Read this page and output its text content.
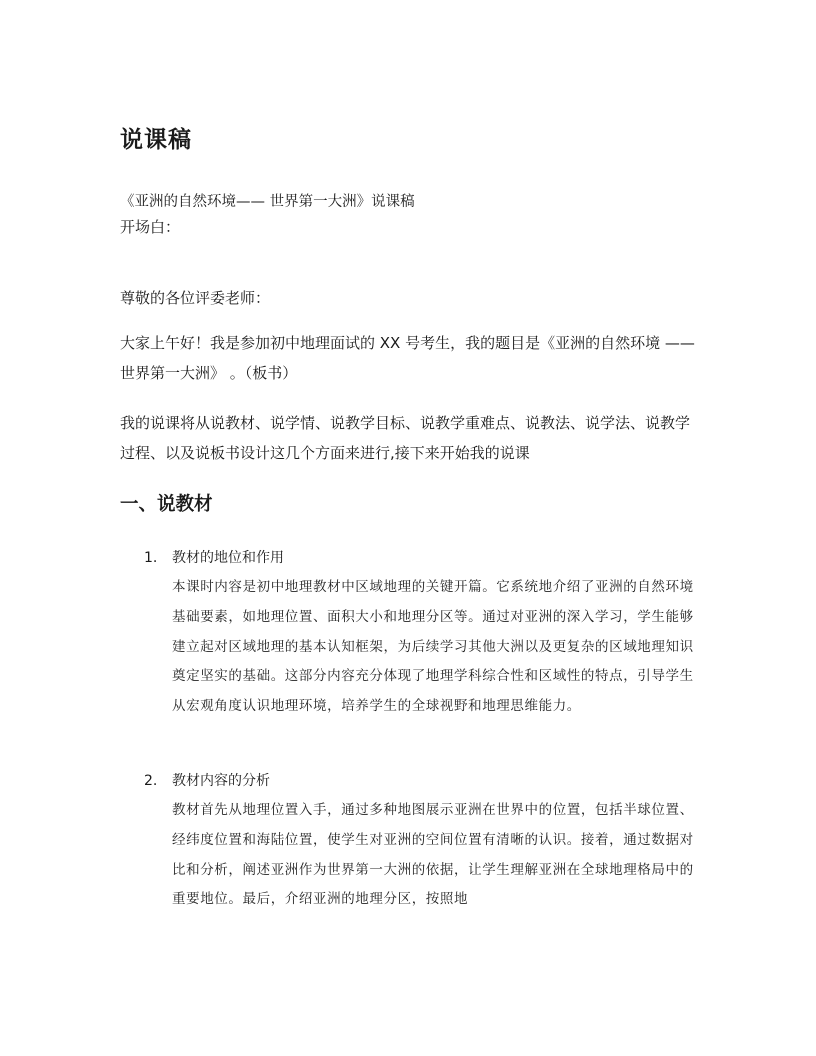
说课稿
《亚洲的自然环境—— 世界第一大洲》说课稿
开场白：
尊敬的各位评委老师：
大家上午好！我是参加初中地理面试的 XX 号考生，我的题目是《亚洲的自然环境 —— 世界第一大洲》 。（板书）
我的说课将从说教材、说学情、说教学目标、说教学重难点、说教法、说学法、说教学过程、以及说板书设计这几个方面来进行,接下来开始我的说课
一、说教材
1. 教材的地位和作用
本课时内容是初中地理教材中区域地理的关键开篇。它系统地介绍了亚洲的自然环境基础要素，如地理位置、面积大小和地理分区等。通过对亚洲的深入学习，学生能够建立起对区域地理的基本认知框架，为后续学习其他大洲以及更复杂的区域地理知识奠定坚实的基础。这部分内容充分体现了地理学科综合性和区域性的特点，引导学生从宏观角度认识地理环境，培养学生的全球视野和地理思维能力。
2. 教材内容的分析
教材首先从地理位置入手，通过多种地图展示亚洲在世界中的位置，包括半球位置、经纬度位置和海陆位置，使学生对亚洲的空间位置有清晰的认识。接着，通过数据对比和分析，阐述亚洲作为世界第一大洲的依据，让学生理解亚洲在全球地理格局中的重要地位。最后，介绍亚洲的地理分区，按照地
